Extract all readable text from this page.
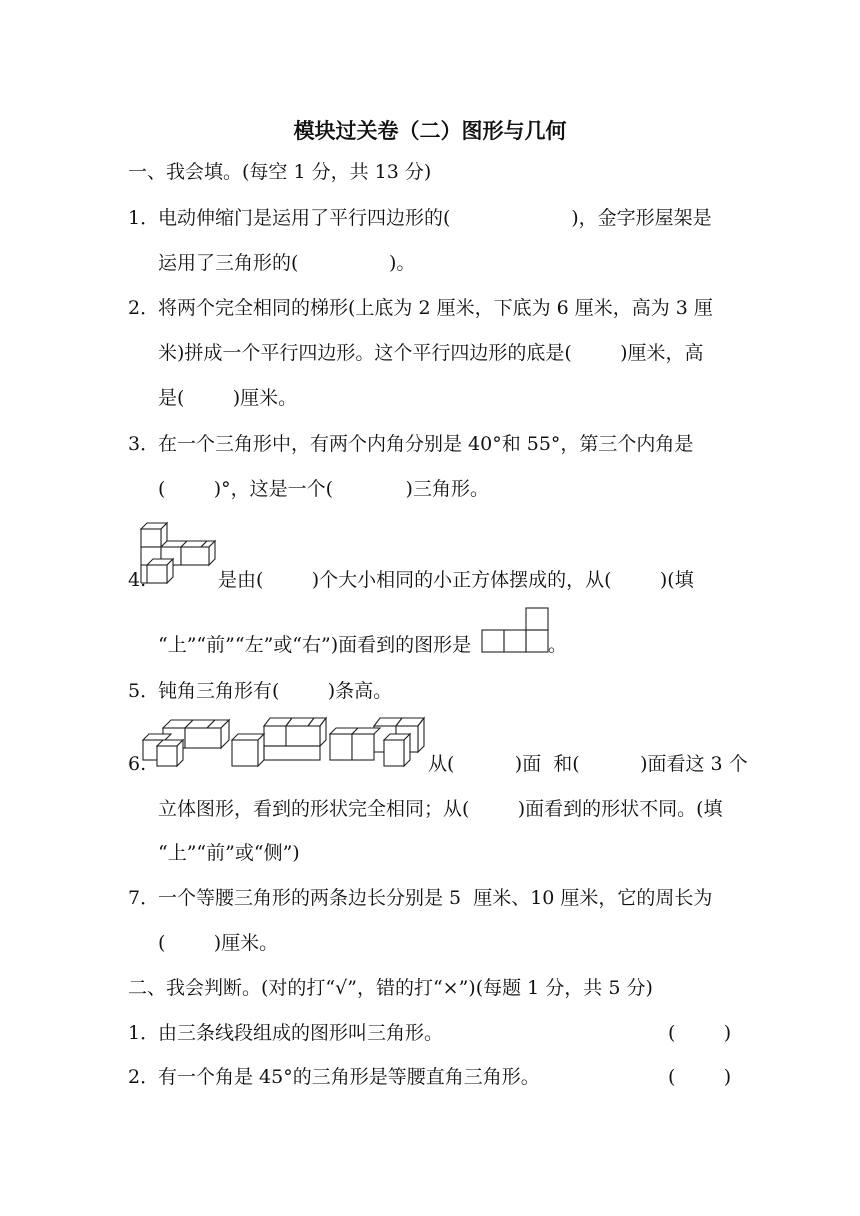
模块过关卷（二）图形与几何
一、我会填。(每空 1 分，共 13 分)
1．电动伸缩门是运用了平行四边形的(                    )，金字形屋架是
运用了三角形的(               )。
2．将两个完全相同的梯形(上底为 2 厘米，下底为 6 厘米，高为 3 厘
米)拼成一个平行四边形。这个平行四边形的底是(        )厘米，高
是(        )厘米。
3．在一个三角形中，有两个内角分别是 40°和 55°，第三个内角是
(        )°，这是一个(            )三角形。
4.	是由(        )个大小相同的小正方体摆成的，从(        )(填
“上”“前”“左”或“右”)面看到的图形是	。
5．钝角三角形有(        )条高。
6.	从(          )面  和(          )面看这 3 个
立体图形，看到的形状完全相同；从(        )面看到的形状不同。(填
“上”“前”或“侧”)
7．一个等腰三角形的两条边长分别是 5  厘米、10 厘米，它的周长为
(        )厘米。
二、我会判断。(对的打“√”，错的打“×”)(每题 1 分，共 5 分)
1．由三条线段组成的图形叫三角形。	(        )
2．有一个角是 45°的三角形是等腰直角三角形。	(        )
